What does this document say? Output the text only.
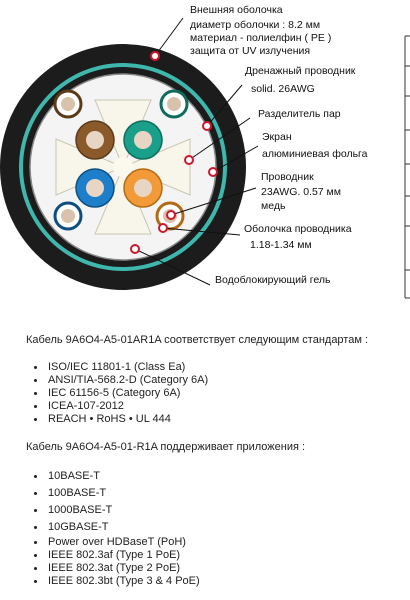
Внешняя оболочка
диаметр оболочки : 8.2 мм
материал - полиелфин ( PE )
защита от UV излучения
Дренажный проводник
solid. 26AWG
Разделитель пар
Экран
алюминиевая фольга
Проводник
23AWG. 0.57 мм
медь
Оболочка проводника
1.18-1.34 мм
Водоблокирующий гель

Кабель 9A6O4-A5-01AR1A соответствует следующим стандартам :

• ISO/IEC 11801-1 (Class Ea)
• ANSI/TIA-568.2-D (Category 6A)
• IEC 61156-5 (Category 6A)
• ICEA-107-2012
• REACH • RoHS • UL 444

Кабель 9A6O4-A5-01-R1A поддерживает приложения :

• 10BASE-T
• 100BASE-T
• 1000BASE-T
• 10GBASE-T
• Power over HDBaseT (PoH)
• IEEE 802.3af (Type 1 PoE)
• IEEE 802.3at (Type 2 PoE)
• IEEE 802.3bt (Type 3 & 4 PoE)
